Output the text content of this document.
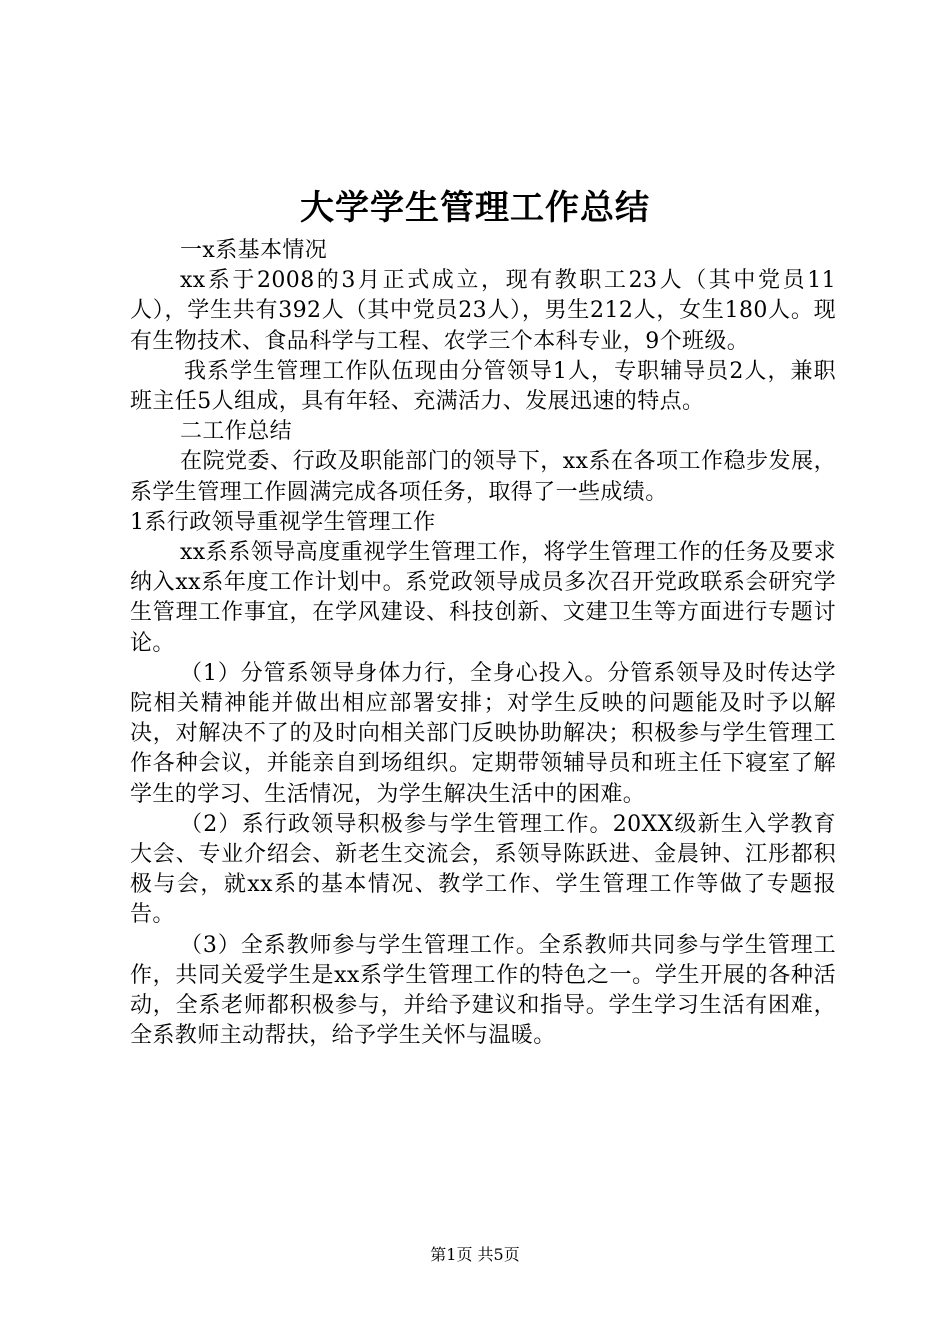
大学学生管理工作总结

一x系基本情况

xx系于2008的3月正式成立，现有教职工23人（其中党员11人），学生共有392人（其中党员23人），男生212人，女生180人。现有生物技术、食品科学与工程、农学三个本科专业，9个班级。

我系学生管理工作队伍现由分管领导1人，专职辅导员2人，兼职班主任5人组成，具有年轻、充满活力、发展迅速的特点。

二工作总结

在院党委、行政及职能部门的领导下，xx系在各项工作稳步发展，系学生管理工作圆满完成各项任务，取得了一些成绩。

1系行政领导重视学生管理工作

xx系系领导高度重视学生管理工作，将学生管理工作的任务及要求纳入xx系年度工作计划中。系党政领导成员多次召开党政联系会研究学生管理工作事宜，在学风建设、科技创新、文建卫生等方面进行专题讨论。

（1）分管系领导身体力行，全身心投入。分管系领导及时传达学院相关精神能并做出相应部署安排；对学生反映的问题能及时予以解决，对解决不了的及时向相关部门反映协助解决；积极参与学生管理工作各种会议，并能亲自到场组织。定期带领辅导员和班主任下寝室了解学生的学习、生活情况，为学生解决生活中的困难。

（2）系行政领导积极参与学生管理工作。20XX级新生入学教育大会、专业介绍会、新老生交流会，系领导陈跃进、金晨钟、江彤都积极与会，就xx系的基本情况、教学工作、学生管理工作等做了专题报告。

（3）全系教师参与学生管理工作。全系教师共同参与学生管理工作，共同关爱学生是xx系学生管理工作的特色之一。学生开展的各种活动，全系老师都积极参与，并给予建议和指导。学生学习生活有困难，全系教师主动帮扶，给予学生关怀与温暖。

第1页 共5页
